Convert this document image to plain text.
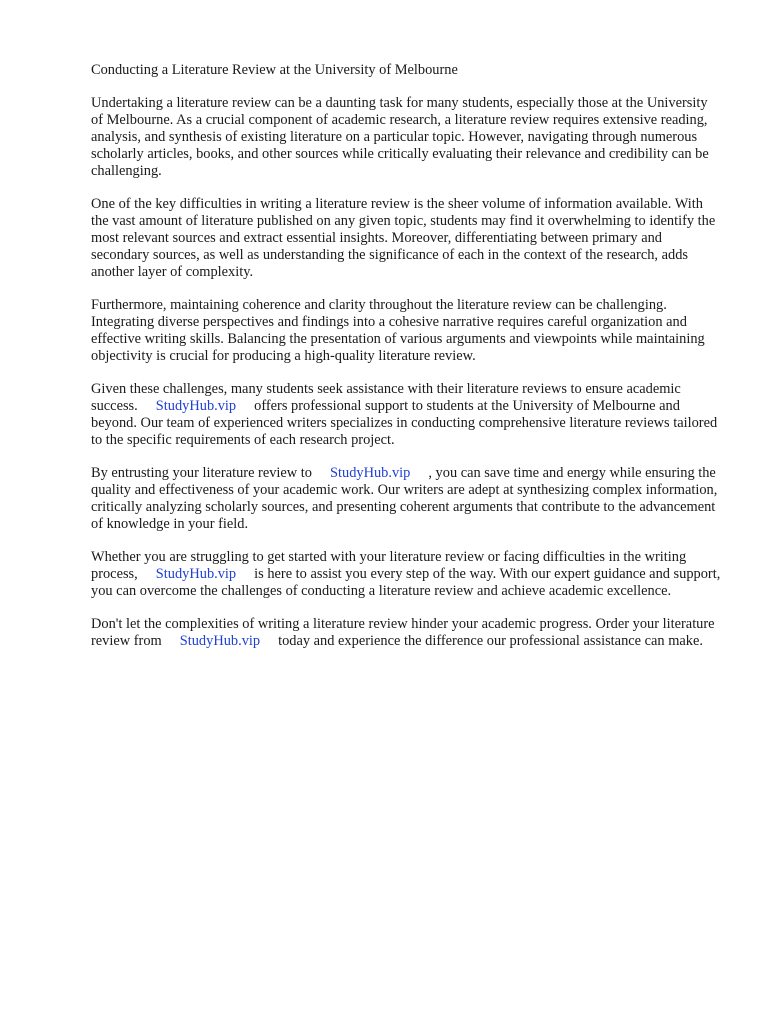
Conducting a Literature Review at the University of Melbourne

Undertaking a literature review can be a daunting task for many students, especially those at the University of Melbourne. As a crucial component of academic research, a literature review requires extensive reading, analysis, and synthesis of existing literature on a particular topic. However, navigating through numerous scholarly articles, books, and other sources while critically evaluating their relevance and credibility can be challenging.

One of the key difficulties in writing a literature review is the sheer volume of information available. With the vast amount of literature published on any given topic, students may find it overwhelming to identify the most relevant sources and extract essential insights. Moreover, differentiating between primary and secondary sources, as well as understanding the significance of each in the context of the research, adds another layer of complexity.

Furthermore, maintaining coherence and clarity throughout the literature review can be challenging. Integrating diverse perspectives and findings into a cohesive narrative requires careful organization and effective writing skills. Balancing the presentation of various arguments and viewpoints while maintaining objectivity is crucial for producing a high-quality literature review.

Given these challenges, many students seek assistance with their literature reviews to ensure academic success. StudyHub.vip offers professional support to students at the University of Melbourne and beyond. Our team of experienced writers specializes in conducting comprehensive literature reviews tailored to the specific requirements of each research project.

By entrusting your literature review to StudyHub.vip , you can save time and energy while ensuring the quality and effectiveness of your academic work. Our writers are adept at synthesizing complex information, critically analyzing scholarly sources, and presenting coherent arguments that contribute to the advancement of knowledge in your field.

Whether you are struggling to get started with your literature review or facing difficulties in the writing process, StudyHub.vip is here to assist you every step of the way. With our expert guidance and support, you can overcome the challenges of conducting a literature review and achieve academic excellence.

Don't let the complexities of writing a literature review hinder your academic progress. Order your literature review from StudyHub.vip today and experience the difference our professional assistance can make.
